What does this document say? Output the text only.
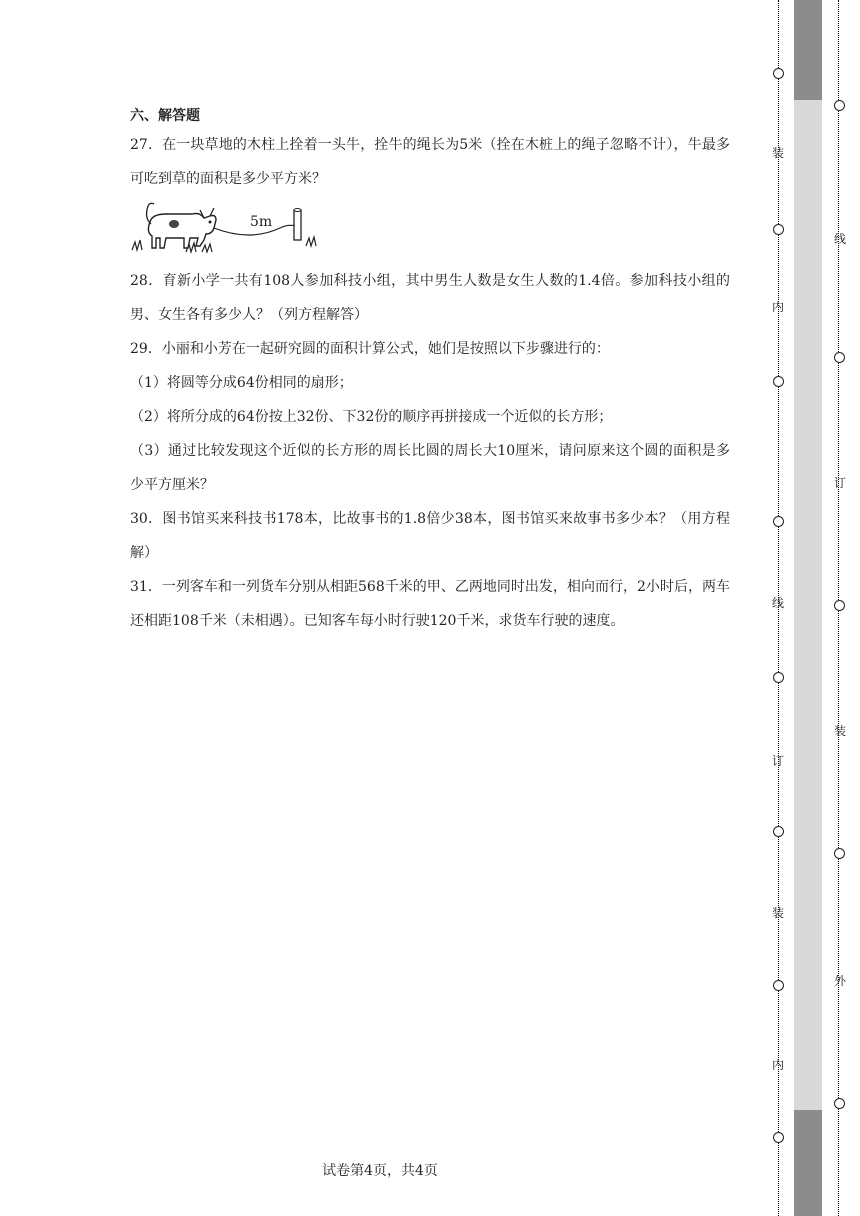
六、解答题

27．在一块草地的木柱上拴着一头牛，拴牛的绳长为5米（拴在木桩上的绳子忽略不计），牛最多可吃到草的面积是多少平方米？

5m

28．育新小学一共有108人参加科技小组，其中男生人数是女生人数的1.4倍。参加科技小组的男、女生各有多少人？（列方程解答）

29．小丽和小芳在一起研究圆的面积计算公式，她们是按照以下步骤进行的：

（1）将圆等分成64份相同的扇形；

（2）将所分成的64份按上32份、下32份的顺序再拼接成一个近似的长方形；

（3）通过比较发现这个近似的长方形的周长比圆的周长大10厘米，请问原来这个圆的面积是多少平方厘米？

30．图书馆买来科技书178本，比故事书的1.8倍少38本，图书馆买来故事书多少本？（用方程解）

31．一列客车和一列货车分别从相距568千米的甲、乙两地同时出发，相向而行，2小时后，两车还相距108千米（未相遇）。已知客车每小时行驶120千米，求货车行驶的速度。

试卷第4页，共4页
装
内
线
订
装
内
线
订
装
外
